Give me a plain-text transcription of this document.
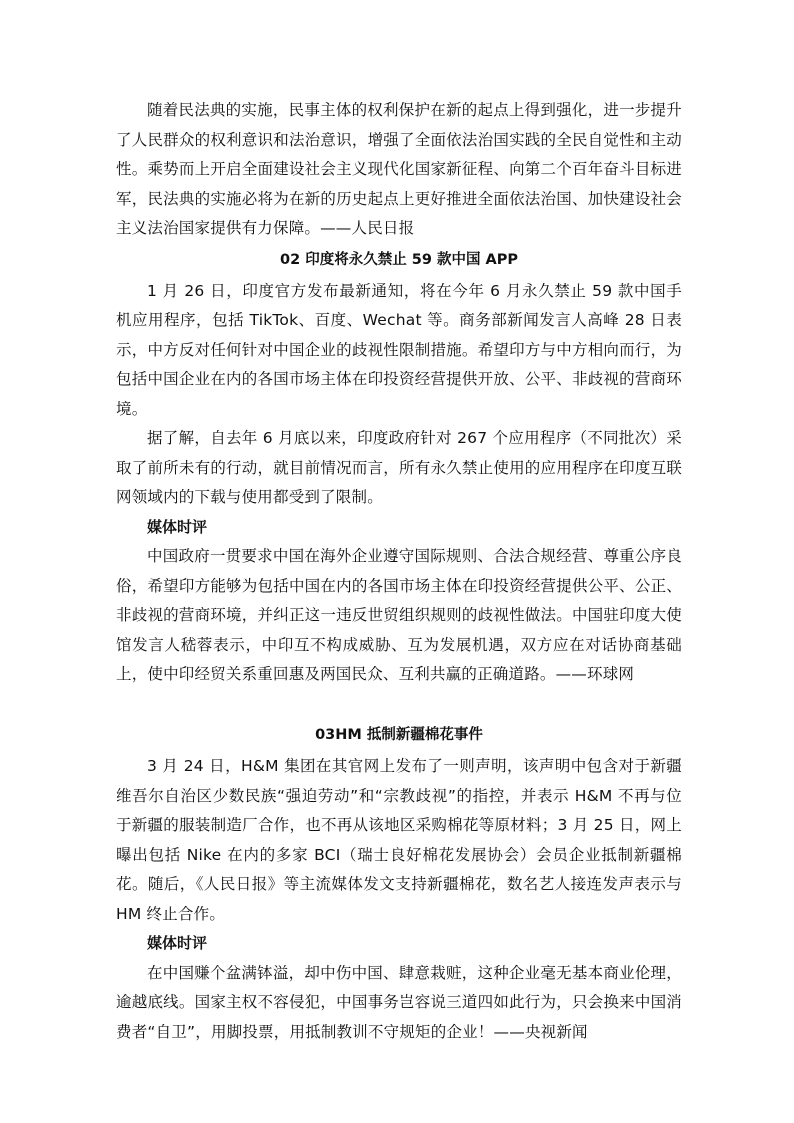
随着民法典的实施，民事主体的权利保护在新的起点上得到强化，进一步提升了人民群众的权利意识和法治意识，增强了全面依法治国实践的全民自觉性和主动性。乘势而上开启全面建设社会主义现代化国家新征程、向第二个百年奋斗目标进军，民法典的实施必将为在新的历史起点上更好推进全面依法治国、加快建设社会主义法治国家提供有力保障。——人民日报

02 印度将永久禁止 59 款中国 APP

1 月 26 日，印度官方发布最新通知，将在今年 6 月永久禁止 59 款中国手机应用程序，包括 TikTok、百度、Wechat 等。商务部新闻发言人高峰 28 日表示，中方反对任何针对中国企业的歧视性限制措施。希望印方与中方相向而行，为包括中国企业在内的各国市场主体在印投资经营提供开放、公平、非歧视的营商环境。

据了解，自去年 6 月底以来，印度政府针对 267 个应用程序（不同批次）采取了前所未有的行动，就目前情况而言，所有永久禁止使用的应用程序在印度互联网领域内的下载与使用都受到了限制。

媒体时评

中国政府一贯要求中国在海外企业遵守国际规则、合法合规经营、尊重公序良俗，希望印方能够为包括中国在内的各国市场主体在印投资经营提供公平、公正、非歧视的营商环境，并纠正这一违反世贸组织规则的歧视性做法。中国驻印度大使馆发言人嵇蓉表示，中印互不构成威胁、互为发展机遇，双方应在对话协商基础上，使中印经贸关系重回惠及两国民众、互利共赢的正确道路。——环球网

03HM 抵制新疆棉花事件

3 月 24 日，H&M 集团在其官网上发布了一则声明，该声明中包含对于新疆维吾尔自治区少数民族“强迫劳动”和“宗教歧视”的指控，并表示 H&M 不再与位于新疆的服装制造厂合作，也不再从该地区采购棉花等原材料；3 月 25 日，网上曝出包括 Nike 在内的多家 BCI（瑞士良好棉花发展协会）会员企业抵制新疆棉花。随后，《人民日报》等主流媒体发文支持新疆棉花，数名艺人接连发声表示与 HM 终止合作。

媒体时评

在中国赚个盆满钵溢，却中伤中国、肆意栽赃，这种企业毫无基本商业伦理，逾越底线。国家主权不容侵犯，中国事务岂容说三道四如此行为，只会换来中国消费者“自卫”，用脚投票，用抵制教训不守规矩的企业！——央视新闻
